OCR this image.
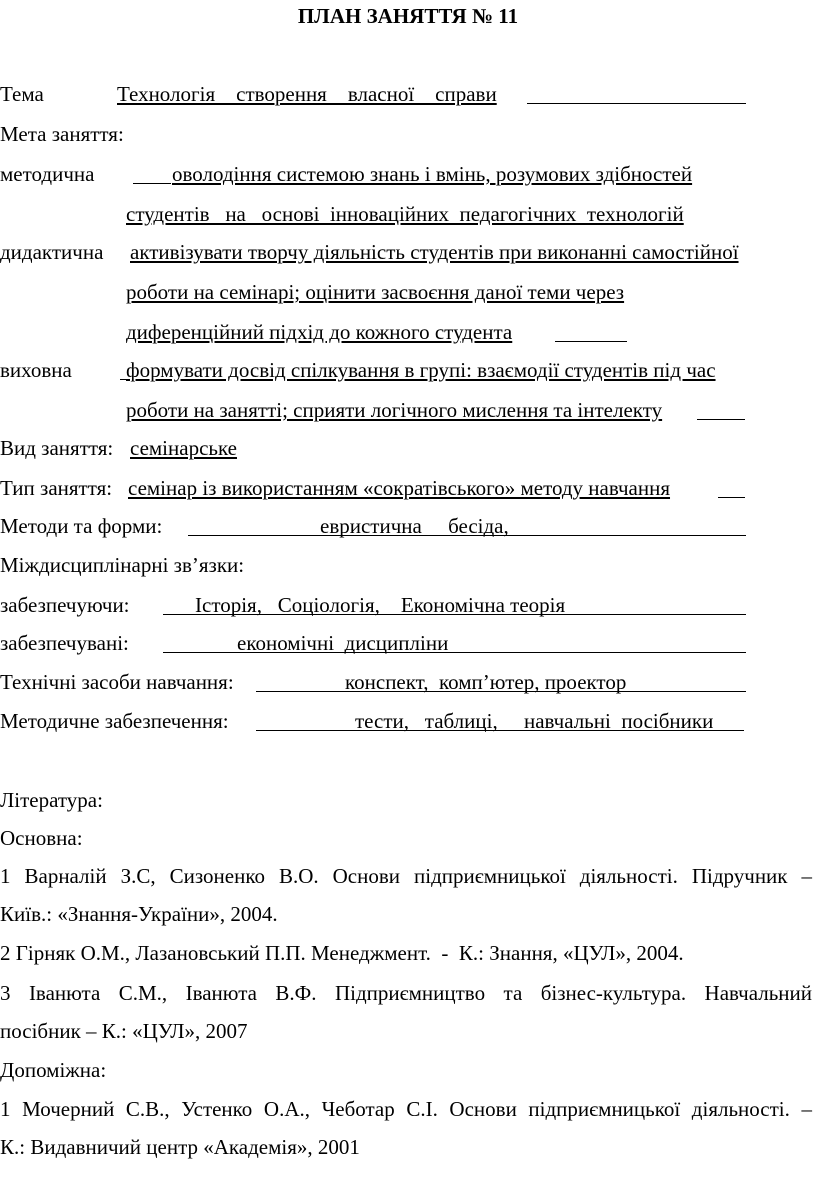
ПЛАН ЗАНЯТТЯ № 11
Тема	Технологія    створення    власної    справи
Мета заняття:
методична	оволодіння системою знань і вмінь, розумових здібностей
студентів   на   основі  інноваційних  педагогічних  технологій
дидактична активізувати творчу діяльність студентів при виконанні самостійної
роботи на семінарі; оцінити засвоєння даної теми через
диференційний підхід до кожного студента
виховна	формувати досвід спілкування в групі: взаємодії студентів під час
роботи на занятті; сприяти логічного мислення та інтелекту
Вид заняття: семінарське
Тип заняття: семінар із використанням «сократівського» методу навчання
Методи та форми:	евристична     бесіда,
Міждисциплінарні зв’язки:
забезпечуючи:	Історія,   Соціологія,    Економічна теорія
забезпечувані:	економічні  дисципліни
Технічні засоби навчання:	конспект,  комп’ютер, проектор
Методичне забезпечення:	тести,   таблиці,     навчальні  посібники
Література:
Основна:
1 Варналій З.С, Сизоненко В.О. Основи підприємницької діяльності. Підручник –
Київ.: «Знання-України», 2004.
2 Гірняк О.М., Лазановський П.П. Менеджмент.  -  К.: Знання, «ЦУЛ», 2004.
3 Іванюта С.М., Іванюта В.Ф. Підприємництво та бізнес-культура. Навчальний
посібник – К.: «ЦУЛ», 2007
Допоміжна:
1 Мочерний С.В., Устенко О.А., Чеботар С.І. Основи підприємницької діяльності. –
К.: Видавничий центр «Академія», 2001
